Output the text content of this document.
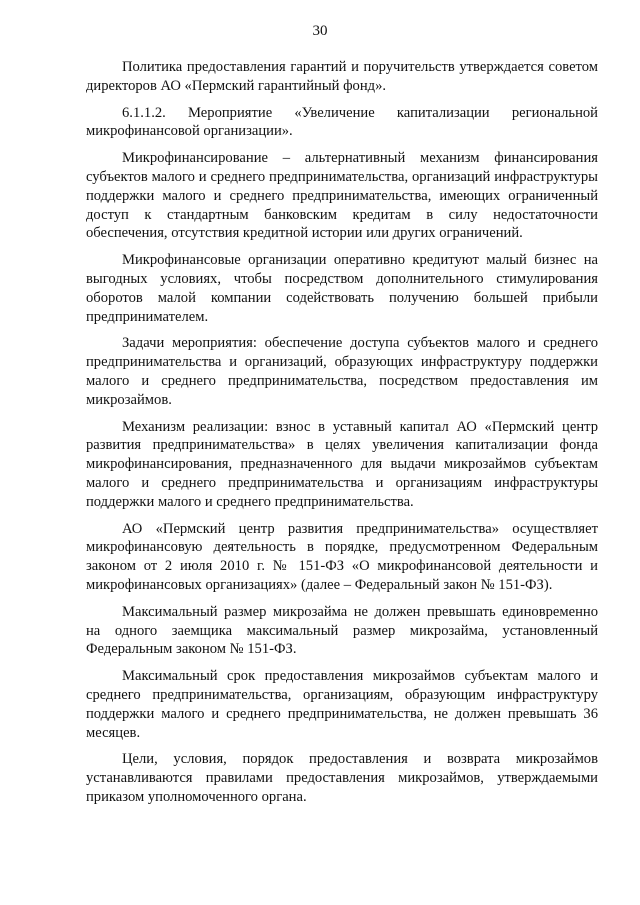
30

Политика предоставления гарантий и поручительств утверждается советом директоров АО «Пермский гарантийный фонд».

6.1.1.2. Мероприятие «Увеличение капитализации региональной микрофинансовой организации».

Микрофинансирование – альтернативный механизм финансирования субъектов малого и среднего предпринимательства, организаций инфраструктуры поддержки малого и среднего предпринимательства, имеющих ограниченный доступ к стандартным банковским кредитам в силу недостаточности обеспечения, отсутствия кредитной истории или других ограничений.

Микрофинансовые организации оперативно кредитуют малый бизнес на выгодных условиях, чтобы посредством дополнительного стимулирования оборотов малой компании содействовать получению большей прибыли предпринимателем.

Задачи мероприятия: обеспечение доступа субъектов малого и среднего предпринимательства и организаций, образующих инфраструктуру поддержки малого и среднего предпринимательства, посредством предоставления им микрозаймов.

Механизм реализации: взнос в уставный капитал АО «Пермский центр развития предпринимательства» в целях увеличения капитализации фонда микрофинансирования, предназначенного для выдачи микрозаймов субъектам малого и среднего предпринимательства и организациям инфраструктуры поддержки малого и среднего предпринимательства.

АО «Пермский центр развития предпринимательства» осуществляет микрофинансовую деятельность в порядке, предусмотренном Федеральным законом от 2 июля 2010 г. № 151-ФЗ «О микрофинансовой деятельности и микрофинансовых организациях» (далее – Федеральный закон № 151-ФЗ).

Максимальный размер микрозайма не должен превышать единовременно на одного заемщика максимальный размер микрозайма, установленный Федеральным законом № 151-ФЗ.

Максимальный срок предоставления микрозаймов субъектам малого и среднего предпринимательства, организациям, образующим инфраструктуру поддержки малого и среднего предпринимательства, не должен превышать 36 месяцев.

Цели, условия, порядок предоставления и возврата микрозаймов устанавливаются правилами предоставления микрозаймов, утверждаемыми приказом уполномоченного органа.
